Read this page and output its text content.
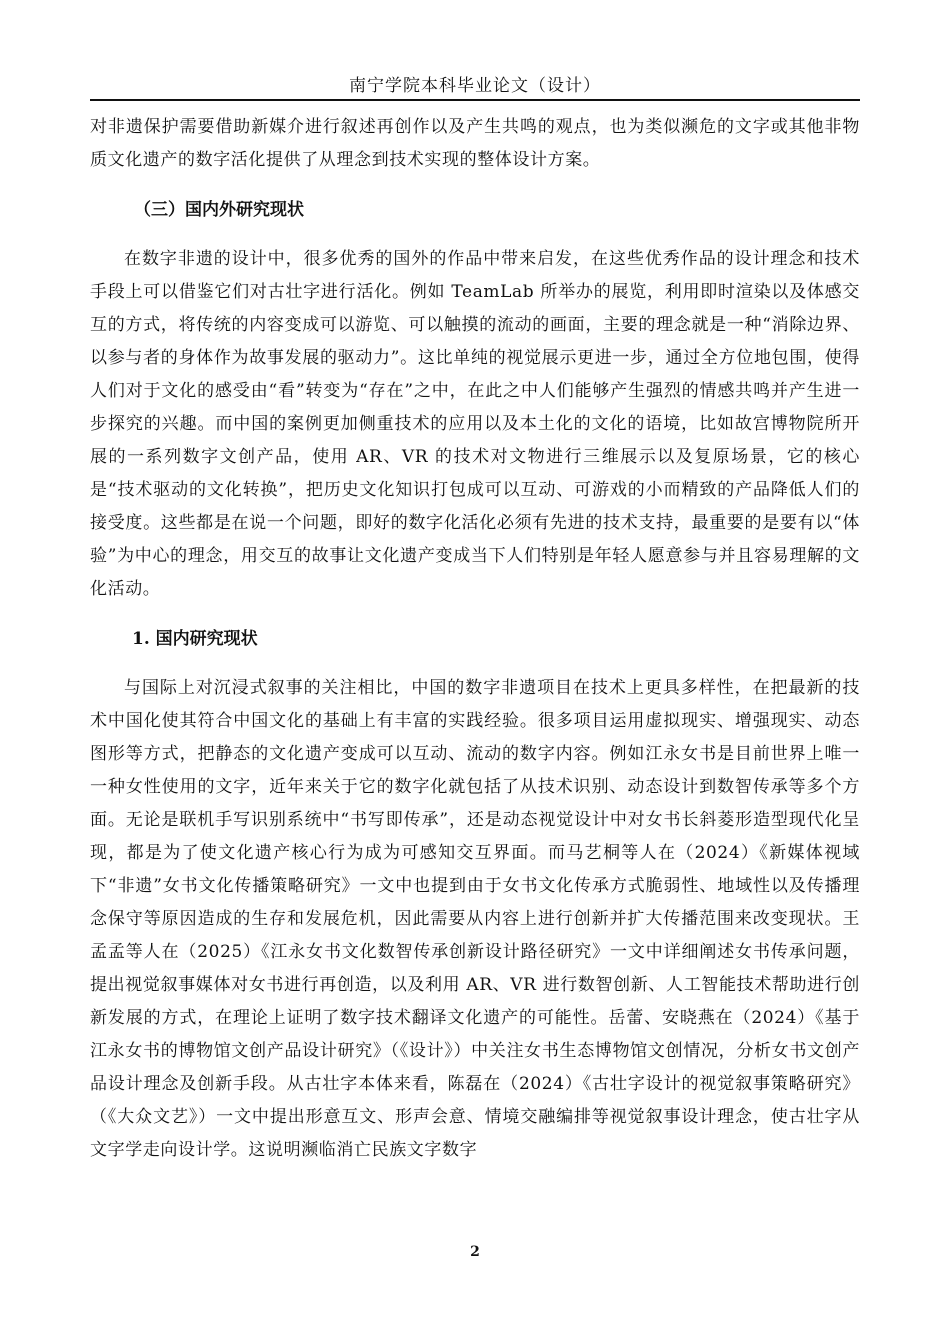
南宁学院本科毕业论文（设计）

对非遗保护需要借助新媒介进行叙述再创作以及产生共鸣的观点，也为类似濒危的文字或其他非物质文化遗产的数字活化提供了从理念到技术实现的整体设计方案。

（三）国内外研究现状

在数字非遗的设计中，很多优秀的国外的作品中带来启发，在这些优秀作品的设计理念和技术手段上可以借鉴它们对古壮字进行活化。例如 TeamLab 所举办的展览，利用即时渲染以及体感交互的方式，将传统的内容变成可以游览、可以触摸的流动的画面，主要的理念就是一种“消除边界、以参与者的身体作为故事发展的驱动力”。这比单纯的视觉展示更进一步，通过全方位地包围，使得人们对于文化的感受由“看”转变为“存在”之中，在此之中人们能够产生强烈的情感共鸣并产生进一步探究的兴趣。而中国的案例更加侧重技术的应用以及本土化的文化的语境，比如故宫博物院所开展的一系列数字文创产品，使用 AR、VR 的技术对文物进行三维展示以及复原场景，它的核心是“技术驱动的文化转换”，把历史文化知识打包成可以互动、可游戏的小而精致的产品降低人们的接受度。这些都是在说一个问题，即好的数字化活化必须有先进的技术支持，最重要的是要有以“体验”为中心的理念，用交互的故事让文化遗产变成当下人们特别是年轻人愿意参与并且容易理解的文化活动。

1. 国内研究现状

与国际上对沉浸式叙事的关注相比，中国的数字非遗项目在技术上更具多样性，在把最新的技术中国化使其符合中国文化的基础上有丰富的实践经验。很多项目运用虚拟现实、增强现实、动态图形等方式，把静态的文化遗产变成可以互动、流动的数字内容。例如江永女书是目前世界上唯一一种女性使用的文字，近年来关于它的数字化就包括了从技术识别、动态设计到数智传承等多个方面。无论是联机手写识别系统中“书写即传承”，还是动态视觉设计中对女书长斜菱形造型现代化呈现，都是为了使文化遗产核心行为成为可感知交互界面。而马艺桐等人在（2024）《新媒体视域下“非遗”女书文化传播策略研究》一文中也提到由于女书文化传承方式脆弱性、地域性以及传播理念保守等原因造成的生存和发展危机，因此需要从内容上进行创新并扩大传播范围来改变现状。王孟孟等人在（2025）《江永女书文化数智传承创新设计路径研究》一文中详细阐述女书传承问题，提出视觉叙事媒体对女书进行再创造，以及利用 AR、VR 进行数智创新、人工智能技术帮助进行创新发展的方式，在理论上证明了数字技术翻译文化遗产的可能性。岳蕾、安晓燕在（2024）《基于江永女书的博物馆文创产品设计研究》（《设计》）中关注女书生态博物馆文创情况，分析女书文创产品设计理念及创新手段。从古壮字本体来看，陈磊在（2024）《古壮字设计的视觉叙事策略研究》（《大众文艺》）一文中提出形意互文、形声会意、情境交融编排等视觉叙事设计理念，使古壮字从文字学走向设计学。这说明濒临消亡民族文字数字

2
